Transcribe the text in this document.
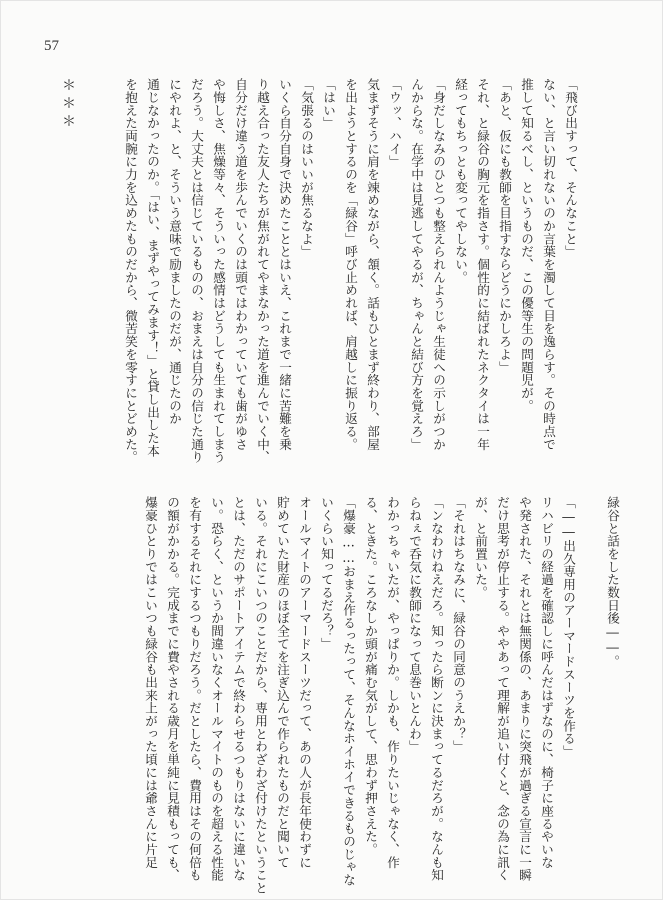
57
「飛び出すって、そんなこと」
ない、と言い切れないのか言葉を濁して目を逸らす。その時点で
推して知るべし、というものだ、この優等生の問題児が。
「あと、仮にも教師を目指すならどうにかしろよ」
それ、と緑谷の胸元を指さす。個性的に結ばれたネクタイは一年
経ってもちっとも変ってやしない。
「身だしなみのひとつも整えられんようじゃ生徒への示しがつか
んからな。在学中は見逃してやるが、ちゃんと結び方を覚えろ」
「ウッ、ハイ」
気まずそうに肩を竦めながら、頷く。話もひとまず終わり、部屋
を出ようとするのを「緑谷」呼び止めれば、肩越しに振り返る。
「はい」
「気張るのはいいが焦るなよ」
いくら自分自身で決めたこととはいえ、これまで一緒に苦難を乗
り越え合った友人たちが焦がれてやまなかった道を進んでいく中、
自分だけ違う道を歩んでいくのは頭ではわかっていても歯がゆさ
や悔しさ、焦燥等々、そういった感情はどうしても生まれてしまう
だろう。大丈夫とは信じているものの、おまえは自分の信じた通り
にやれよ、と、そういう意味で励ましたのだが、通じたのか
通じなかったのか。「はい、まずやってみます！」と貸し出した本
を抱えた両腕に力を込めたものだから、微苦笑を零すにとどめた。
＊＊＊
緑谷と話をした数日後――。

「――出久専用のアーマードスーツを作る」
リハビリの経過を確認しに呼んだはずなのに、椅子に座るやいな
や発された、それとは無関係の、あまりに突飛が過ぎる宣言に一瞬
だけ思考が停止する。ややあって理解が追い付くと、念の為に訊く
が、と前置いた。
「それはちなみに、緑谷の同意のうえか？」
「ンなわけねえだろ。知ったら断ンに決まってるだろが。なんも知
らねぇで呑気に教師になって息巻いとんわ」
わかっちゃいたが、やっぱりか。しかも、作りたいじゃなく、作
る、ときた。ころなしか頭が痛む気がして、思わず押さえた。
「爆豪……おまえ作るったって、そんなホイホイできるものじゃな
いくらい知ってるだろ？」
オールマイトのアーマードスーツだって、あの人が長年使わずに
貯めていた財産のほぼ全てを注ぎ込んで作られたものだと聞いて
いる。それにこいつのことだから、専用とわざわざ付けたということ
とは、ただのサポートアイテムで終わらせるつもりはないに違いな
い。恐らく、というか間違いなくオールマイトのものを超える性能
を有するそれにするつもりだろう。だとしたら、費用はその何倍も
の額がかかる。完成までに費やされる歳月を単純に見積もっても、
爆豪ひとりではこいつも緑谷も出来上がった頃には爺さんに片足
